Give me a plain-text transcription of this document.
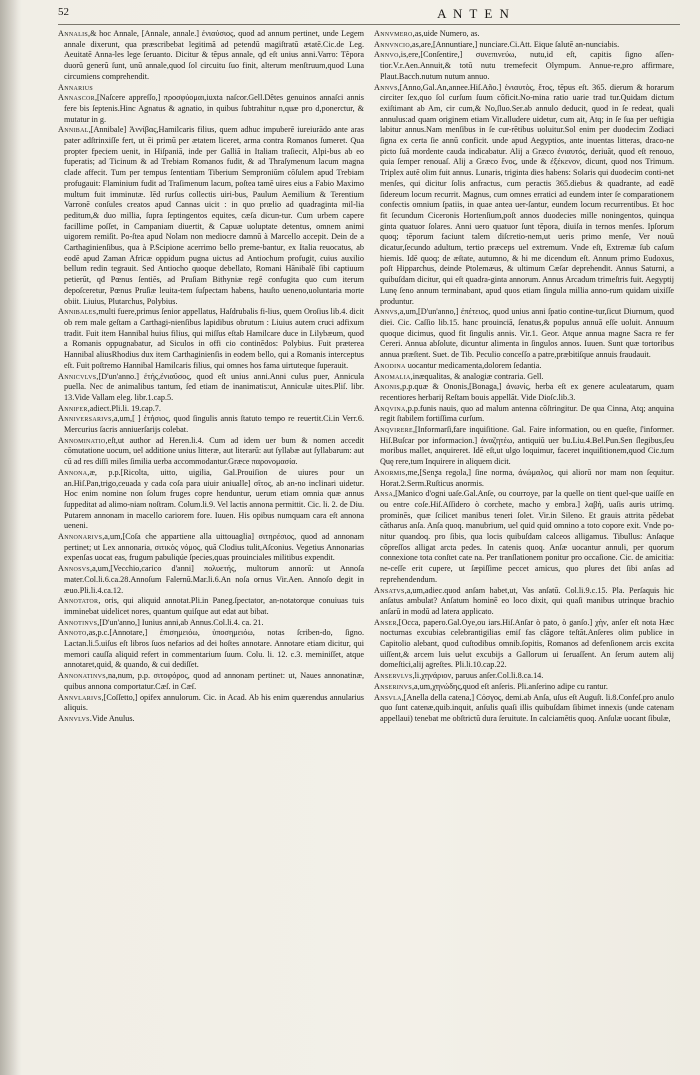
52	A N T E N

Annalis,& hoc Annale, [Annale, annale.] ἐνιαύσιος, quod ad annum pertinet, unde Legem annale dixerunt, qua præscribebat legitimã ad petendū magiſtratū ætatē.Cic.de Leg. Aeuitatē Anna-les lege ſeruanto. Dicitur & tẽpus annale, qđ eſt unius anni.Varro: Tẽpora duorũ generũ ſunt, unū annale,quod ſol circuitu ſuo finit, alterum menſtruum,quod Luna circumiens comprehendit.

Annarius

Annascor,[Naſcere appreſſo,] προσφύομαι,iuxta naſcor.Gell.Dêtes genuinos annaſci annis fere bis ſeptenis.Hinc Agnatus & agnatio, in quibus ſubtrahitur n,quæ pro d,ponerctur, & mutatur in g.

Annibal,[Annibale] Ἀννίβας,Hamilcaris filius, quem adhuc impuberē iureiurādo ante aras pater adſtrinxiſſe fert, ut ēi primū per ætatem liceret, arma contra Romanos ſumeret. Qua propter fpeciem uenit, in Hiſpaniā, inde per Galliā in Italiam traſiecit, Alpi-bus ab eo fuperatis; ad Ticinum & ad Trebiam Romanos fudit, & ad Thraſymenum lacum magna clade affecit. Tum per tempus ſententiam Tiberium Semproniūm cōſulem apud Trebiam profugauit: Flaminium fudit ad Traſimenum lacum, poſtea tamē uires eius a Fabio Maximo multum fuit imminutæ. Iēd rurſus collectis uiri-bus, Paulum Aemilium & Terentium Varronē conſules creatos apud Cannas uicit : in quo prœlio ad quadraginta mil-lia peditum,& duo millia, ſupra ſeptingentos equites, cæſa dicun-tur. Cum urbem capere facillime poſſet, in Campaniam diuertit, & Capuæ uoluptate detentus, omnem animi uigorem remiſit. Po-ſtea apud Nolam non mediocre damnū à Marcello accepit. Dein de a Carthaginienſibus, qua à P.Scipione acerrimo bello preme-bantur, ex Italia reuocatus, ab eodē apud Zaman Africæ oppidum pugna uictus ad Antiochum profugit, cuius auxilio bellum redin tegrauit. Sed Antiocho quoque debellato, Romani Hānibalē ſibi captiuum petierūt, qđ Pœnus ſentiēs, ad Pruſiam Bithyniæ regē confugita quo cum iterum depoſceretur, Pœnus Pruſiæ leuita-tem ſuſpectam habens, hauſto ueneno,uoluntaria morte obiit. Liuius, Plutarchus, Polybius.

Annibales,multi fuere,primus ſenior appellatus, Haſdrubalis fi-lius, quem Oroſius lib.4. dicit ob rem male geſtam a Carthagi-nienſibus lapidibus obrutum : Liuius autem cruci adfixum tradit. Fuit item Hannibal huius filius, qui miſſus eſtab Hamilcare duce in Lilybæum, quod a Romanis oppugnabatur, ad Siculos in offi cio continēdos: Polybius. Fuit præterea Hannibal aliusRhodius dux item Carthaginienſis in eodem bello, qui a Romanis interceptus eſt. Fuit poſtremo Hannibal Hamilcaris filius, qui omnes hos fama uirtuteque ſuperauit.

Annicvlvs,[D'un'anno.] ἐτής,ἐνιαῦσος, quod eſt unius anni.Anni culus puer, Annicula puella. Nec de animalibus tantum, ſed etiam de inanimatis:ut, Anniculæ uites.Pliſ. libr. 13.Vide Vallam eleg. libr.1.cap.5.

Annifer,adiect.Pli.li. 19.cap.7.

Anniversarivs,a,um,[ ] ἐτήσιος, quod ſingulis annis ſtatuto tempo re reuertit.Ci.in Verr.6. Mercurius ſacris anniuerſarijs colebat.

Annominatio,eſt,ut author ad Heren.li.4. Cum ad idem uer bum & nomen accedit cōmutatione uocum, uel additione unius litteræ, aut literarū: aut ſyllabæ aut ſyllabarum: aut cū ad res diſſi miles ſimilia uerba accommodantur.Græce παρονομασία.

Annona,æ, p.p.[Ricolta, uitto, uigilia, Gal.Prouiſion de uiures pour un an.Hiſ.Pan,trigo,ceuada y cada coſa para uiuir aniualle] σῖτος, ab an-no inclinari uidetur. Hoc enim nomine non ſolum fruges copre henduntur, uerum etiam omnia quæ annus ſuppeditat ad alimo-niam noſtram. Colum.li.9. Vel lactis annona permittit. Cic. li. 2. de Diu. Putarem annonam in macello cariorem fore. Iuuen. His opibus numquam cara eſt annona ueneni.

Annonarivs,a,um,[Coſa che appartiene alla uittouaglia] σιτηρέσιος, quod ad annonam pertinet; ut Lex annonaria, σιτικὸς νόμος, quā Clodius tulit,Aſconius. Vegetius Annonarias expenſas uocat eas, frugum pabuliqúe ſpecies,quas prouinciales militibus expendit.

Annosvs,a,um,[Vecchio,carico d'anni] πολυετής, multorum annorū: ut Annoſa mater.Col.li.6.ca.28.Annoſum Falernū.Mar.li.6.An noſa ornus Vir.Aen. Annoſo degit in æuo.Pli.li.4.ca.12.

Annotator, oris, qui aliquid annotat.Pli.in Paneg.ſpectator, an-notatorque conuiuas tuis imminebat uidelicet nores, quantum quiſque aut edat aut bibat.

Annotinvs,[D'un'anno,] Iunius anni,ab Annus.Col.li.4. ca. 21.

Annoto,as,p.c.[Annotare,] ἐπισημειόω, ὑποσημειόω, notas ſcriben-do, ſigno. Lactan.li.5.uiſus eſt libros ſuos nefarios ad dei hoſtes annotare. Annotare etiam dicitur, qui memori cauſſa aliquid refert in commentarium ſuum. Colu. li. 12. c.3. meminiſſet, atque annotaret,quid, & quando, & cui dediſſet.

Annonatinvs,na,num, p.p. σιτοφόρος, quod ad annonam pertinet: ut, Naues annonatinæ, quibus annona comportatur.Cæſ. in Cæſ.

Annvlarivs,[Coſſetto,] opifex annulorum. Cic. in Acad. Ab his enim quærendus annularius aliquis.

Annvlvs.Vide Anulus.

Annvmero,as,uide Numero, as.

Annvncio,as,are,[Annuntiare,] nunciare.Ci.Att. Eique ſalutē an-nunciabis.

Annvo,is,ere,[Conſentire,] συνεπινεύω, nutu,id eſt, capitis ſigno aſſen-tior.V.r.Aen.Annuit,& totū nutu tremefecit Olympum. Annue-re,pro affirmare, Plaut.Bacch.nutum nutum annuo.

Annvs,[Anno,Gal.An,annee.Hiſ.Año.] ἐνιαυτὸς, ἔτος, tēpus eſt. 365. dierum & horarum circiter ſex,quo ſol curſum ſuum cōficit.No-mina ratio uarie trad tur.Quidam dictum exiſtimant ab Am, cir cum,& No,ſluo.Ser.ab annulo deducit, quod in ſe redeat, quali annulus:ad quam originem etiam Vir.alludere uidetur, cum ait, Atq; in ſe ſua per ueſtigia labitur annus.Nam menſibus in ſe cur-rētibus uoluitur.Sol enim per duodecim Zodiaci ſigna ex certa ſie annū conficit. unde apud Aegyptios, ante inuentas litteras, draco-ne picto ſuā mordente cauda indicabatur. Alij a Græco ἐνιαυτός, deriuāt, quod eſt renouo, quia ſemper renouaſ. Alij a Græco ἔνος, unde & ἐξέκενον, dicunt, quod nos Trimum. Triplex autē olim fuit annus. Lunaris, triginta dies habens: Solaris qui duodecim conti-net menſes, qui dicitur ſolis anfractus, cum peractis 365.diebus & quadrante, ad eadē ſidereum locum recurrit. Magnus, cum omnes erratici ad eundem inter ſe comparationem confectis omnium ſpatiis, in quae antea uer-ſantur, eundem locum recurrentibus. Et hoc fit ſecundum Ciceronis Hortenſium,poſt annos duodecies mille noningentos, quinqua ginta quatuor ſolares. Anni uero quatuor ſunt tēpora, diuiſa in ternos menſes. Ipſorum quoq; tēporum faciunt talem diſcretio-nem,ut ueris primo menſe, Ver nouū dicatur,ſecundo adultum, tertio præceps uel extremum. Vnde eſt, Extremæ ſub caſum hiemis. Idē quoq; de æſtate, autumno, & hi me dicendum eſt. Annum primo Eudoxus, poſt Hipparchus, deinde Ptolemæus, & ultimum Cæſar deprehendit. Annus Saturni, a quibuſdam dicitur, qui eſt quadra-ginta annorum. Annus Arcadum trimeſtris fuit. Aegyptij Lunę ſeno annum terminabant, apud quos etiam ſingula millia anno-rum quidam uixiſſe produntur.

Annvs,a,um,[D'un'anno,] ἐπέτειος, quod unius anni ſpatio contine-tur,ſicut Diurnum, quod diei. Cic. Caſſio lib.15. hanc prouinciā, ſenatus,& populus annuā eſſe uoluit. Annuum quoque dicimus, quod fit ſingulis annis. Vir.1. Geor. Atque annua magne Sacra re fer Cereri. Annua abſolute, dicuntur alimenta in ſingulos annos. Iuuen. Sunt quæ tortoribus annua præſtent. Suet. de Tib. Peculio conceſſo a patre,præbitiſque annuis fraudauit.

Anodina uocantur medicamenta,dolorem ſedantia.

Anomalia,inæqualitas, & analogiæ contraria. Gell.

Anonis,p.p.quæ & Ononis,[Bonaga,] ἀνωνίς, herba eſt ex genere aculeatarum, quam recentiores herbarij Reſtam bouis appellāt. Vide Dioſc.lib.3.

Anqvina,p.p.funis nauis, quo ad malum antenna cōſtringitur. De qua Cinna, Atq; anquina regit ſtabilem fortiſſima curſum.

Anqvirere,[Informarſi,fare inquiſitione. Gal. Faire information, ou en queſte, ſ'informer. Hiſ.Buſcar por informacion.] ἀναζητέω, antiquiū uer bu.Liu.4.Bel.Pun.Sen ſlegibus,ſeu moribus mallet, anquireret. Idē eſt,ut ulgo loquimur, faceret inquiſitionem,quod Cic.tum Quę rere,tum Inquirere in aliquem dicit.

Anormis,me,[Senƺa regola,] ſine norma, ἀνώμαλος, qui aliorū nor mam non ſequitur. Horat.2.Serm.Ruſticus anormis.

Ansa,[Manico d'ogni uaſe.Gal.Anſe, ou courroye, par la quelle on tient quel-que uaiſſe en ou entre coſe.Hiſ.Aſſidero ò corchete, macho y embra.] λαβή, uaſis auris utrimq. prominēs, quæ ſcilicet manibus teneri ſolet. Vir.in Sileno. Et grauis attrita pēdebat cātharus anſa. Anſa quoq. manubrium, uel quid quid omnino a toto copore exit. Vnde po-nitur quandoq. pro ſibis, qua locis quibuſdam calceos alligamus. Tibullus: Anſaque cōpreſſos alligat arcta pedes. In catenis quoq. Anſæ uocantur annuli, per quorum connexione tota conſtet cate na. Per tranſlationem ponitur pro occaſione. Cic. de amicitia: ne-ceſſe erit cupere, ut ſæpiſſime peccet amicus, quo plures det ſibi anſas ad reprehendendum.

Ansatvs,a,um,adiec.quod anſam habet,ut, Vas anſatū. Col.li.9.c.15. Pla. Perſaquis hic anſatus ambulat? Anſatum hominē eo loco dixit, qui quaſi manibus utrinque brachio anſarū in modū ad latera applicato.

Anser,[Occa, papero.Gal.Oye,ou iars.Hiſ.Anſar ò pato, ò ganſo.] χὴν, anſer eſt nota Hæc nocturnas excubias celebrantigilias emiſ fas clāgore teſtāt.Anſeres olim publice in Capitolio alebant, quod cuſtodibus omnib.ſopitis, Romanos ad defenſionem arcis excita uiſſent,& arcem luis uelut excubijs a Gallorum ui ſeruaſſent. An ſerum autem alij domeſtici,alij agreſtes. Pli.li.10.cap.22.

Anservlvs,li.χηνάριον, paruus anſer.Col.li.8.ca.14.

Anserinvs,a,um,χηνώδης,quod eſt anſeris. Pli.anſerino adipe cu rantur.

Ansvla,[Anella della catena,] Cόσγος, demi.ab Anſa, uſus eſt Auguſt. li.8.Confeſ.pro anulo quo ſunt catenæ,quib.inquit, anſulis quaſi illis quibuſdam ſibimet innexis (unde catenam appellaui) tenebat me obſtrictū dura ſeruitute. In calciamētis quoq. Anſulæ uocant ſibulæ,
